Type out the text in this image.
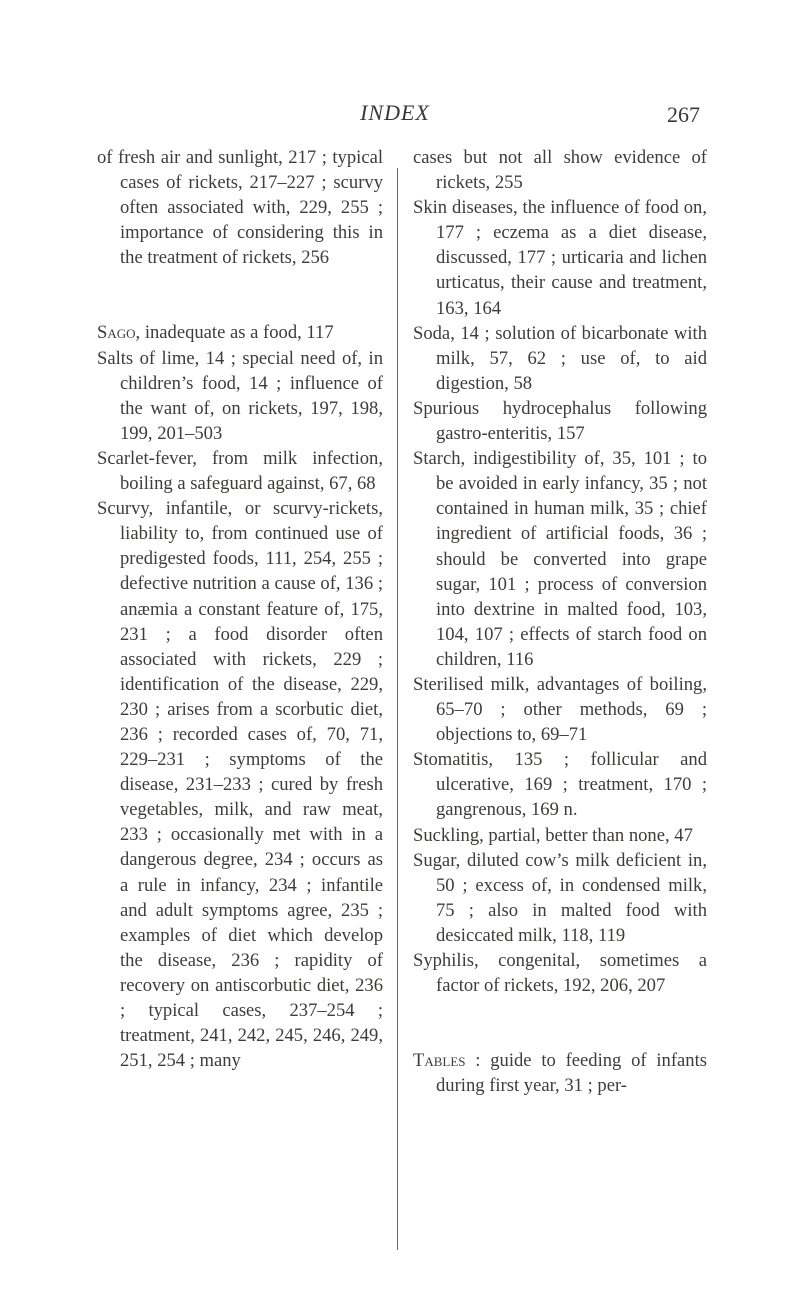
INDEX	267

of fresh air and sunlight, 217 ; typical cases of rickets, 217–227 ; scurvy often associated with, 229, 255 ; importance of considering this in the treatment of rickets, 256

Sago, inadequate as a food, 117

Salts of lime, 14 ; special need of, in children’s food, 14 ; influence of the want of, on rickets, 197, 198, 199, 201–503

Scarlet-fever, from milk infection, boiling a safeguard against, 67, 68

Scurvy, infantile, or scurvy-rickets, liability to, from continued use of predigested foods, 111, 254, 255 ; defective nutrition a cause of, 136 ; anæmia a constant feature of, 175, 231 ; a food disorder often associated with rickets, 229 ; identification of the disease, 229, 230 ; arises from a scorbutic diet, 236 ; recorded cases of, 70, 71, 229–231 ; symptoms of the disease, 231–233 ; cured by fresh vegetables, milk, and raw meat, 233 ; occasionally met with in a dangerous degree, 234 ; occurs as a rule in infancy, 234 ; infantile and adult symptoms agree, 235 ; examples of diet which develop the disease, 236 ; rapidity of recovery on antiscorbutic diet, 236 ; typical cases, 237–254 ; treatment, 241, 242, 245, 246, 249, 251, 254 ; many

cases but not all show evidence of rickets, 255

Skin diseases, the influence of food on, 177 ; eczema as a diet disease, discussed, 177 ; urticaria and lichen urticatus, their cause and treatment, 163, 164

Soda, 14 ; solution of bicarbonate with milk, 57, 62 ; use of, to aid digestion, 58

Spurious hydrocephalus following gastro-enteritis, 157

Starch, indigestibility of, 35, 101 ; to be avoided in early infancy, 35 ; not contained in human milk, 35 ; chief ingredient of artificial foods, 36 ; should be converted into grape sugar, 101 ; process of conversion into dextrine in malted food, 103, 104, 107 ; effects of starch food on children, 116

Sterilised milk, advantages of boiling, 65–70 ; other methods, 69 ; objections to, 69–71

Stomatitis, 135 ; follicular and ulcerative, 169 ; treatment, 170 ; gangrenous, 169 n.

Suckling, partial, better than none, 47

Sugar, diluted cow’s milk deficient in, 50 ; excess of, in condensed milk, 75 ; also in malted food with desiccated milk, 118, 119

Syphilis, congenital, sometimes a factor of rickets, 192, 206, 207

Tables : guide to feeding of infants during first year, 31 ; per-
